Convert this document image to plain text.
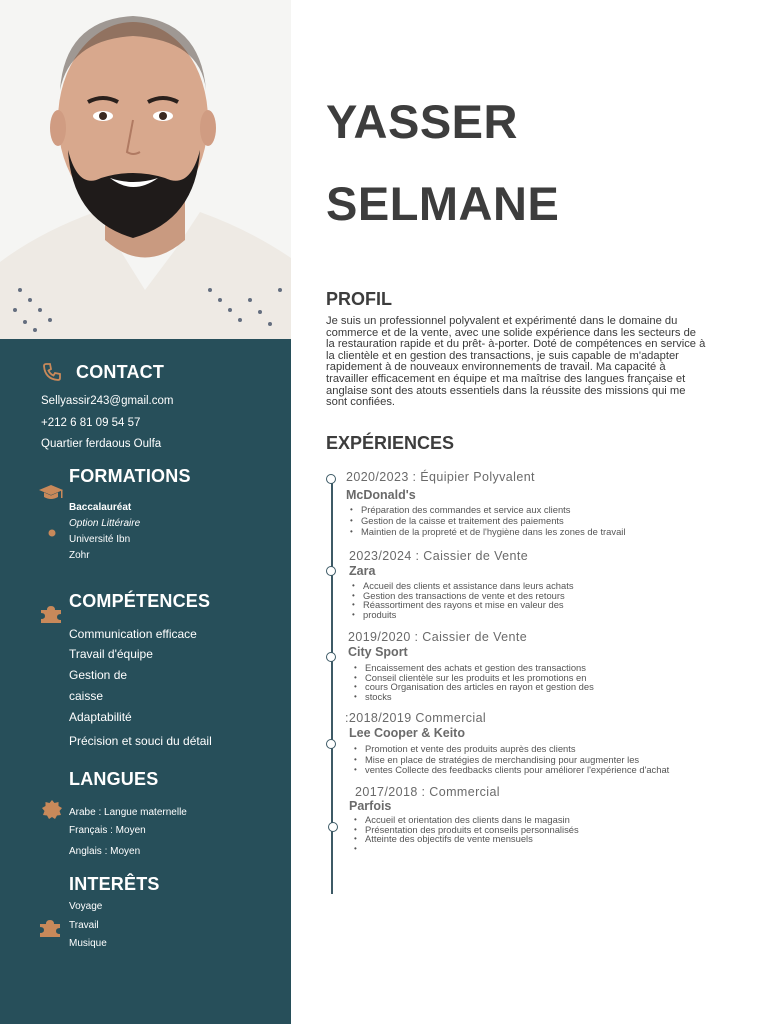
CONTACT
Sellyassir243@gmail.com
+212 6 81 09 54 57
Quartier ferdaous Oulfa
FORMATIONS
Baccalauréat
Option Littéraire
Université Ibn
Zohr
COMPÉTENCES
Communication efficace
Travail d'équipe
Gestion de
caisse
Adaptabilité
Précision et souci du détail
LANGUES
Arabe : Langue maternelle
Français : Moyen
Anglais : Moyen
INTERÊTS
Voyage
Travail
Musique
YASSER
SELMANE
PROFIL
Je suis un professionnel polyvalent et expérimenté dans le domaine du commerce et de la vente, avec une solide expérience dans les secteurs de la restauration rapide et du prêt- à-porter. Doté de compétences en service à la clientèle et en gestion des transactions, je suis capable de m'adapter rapidement à de nouveaux environnements de travail. Ma capacité à travailler efficacement en équipe et ma maîtrise des langues française et anglaise sont des atouts essentiels dans la réussite des missions qui me sont confiées.
EXPÉRIENCES
2020/2023 : Équipier Polyvalent
McDonald's
• Préparation des commandes et service aux clients
• Gestion de la caisse et traitement des paiements
• Maintien de la propreté et de l'hygiène dans les zones de travail
2023/2024 : Caissier de Vente
Zara
• Accueil des clients et assistance dans leurs achats
• Gestion des transactions de vente et des retours
• Réassortiment des rayons et mise en valeur des
• produits
2019/2020 : Caissier de Vente
City Sport
• Encaissement des achats et gestion des transactions
• Conseil clientèle sur les produits et les promotions en
• cours Organisation des articles en rayon et gestion des
• stocks
:2018/2019 Commercial
Lee Cooper & Keito
• Promotion et vente des produits auprès des clients
• Mise en place de stratégies de merchandising pour augmenter les
• ventes Collecte des feedbacks clients pour améliorer l'expérience d'achat
2017/2018 : Commercial
Parfois
• Accueil et orientation des clients dans le magasin
• Présentation des produits et conseils personnalisés
• Atteinte des objectifs de vente mensuels
•
